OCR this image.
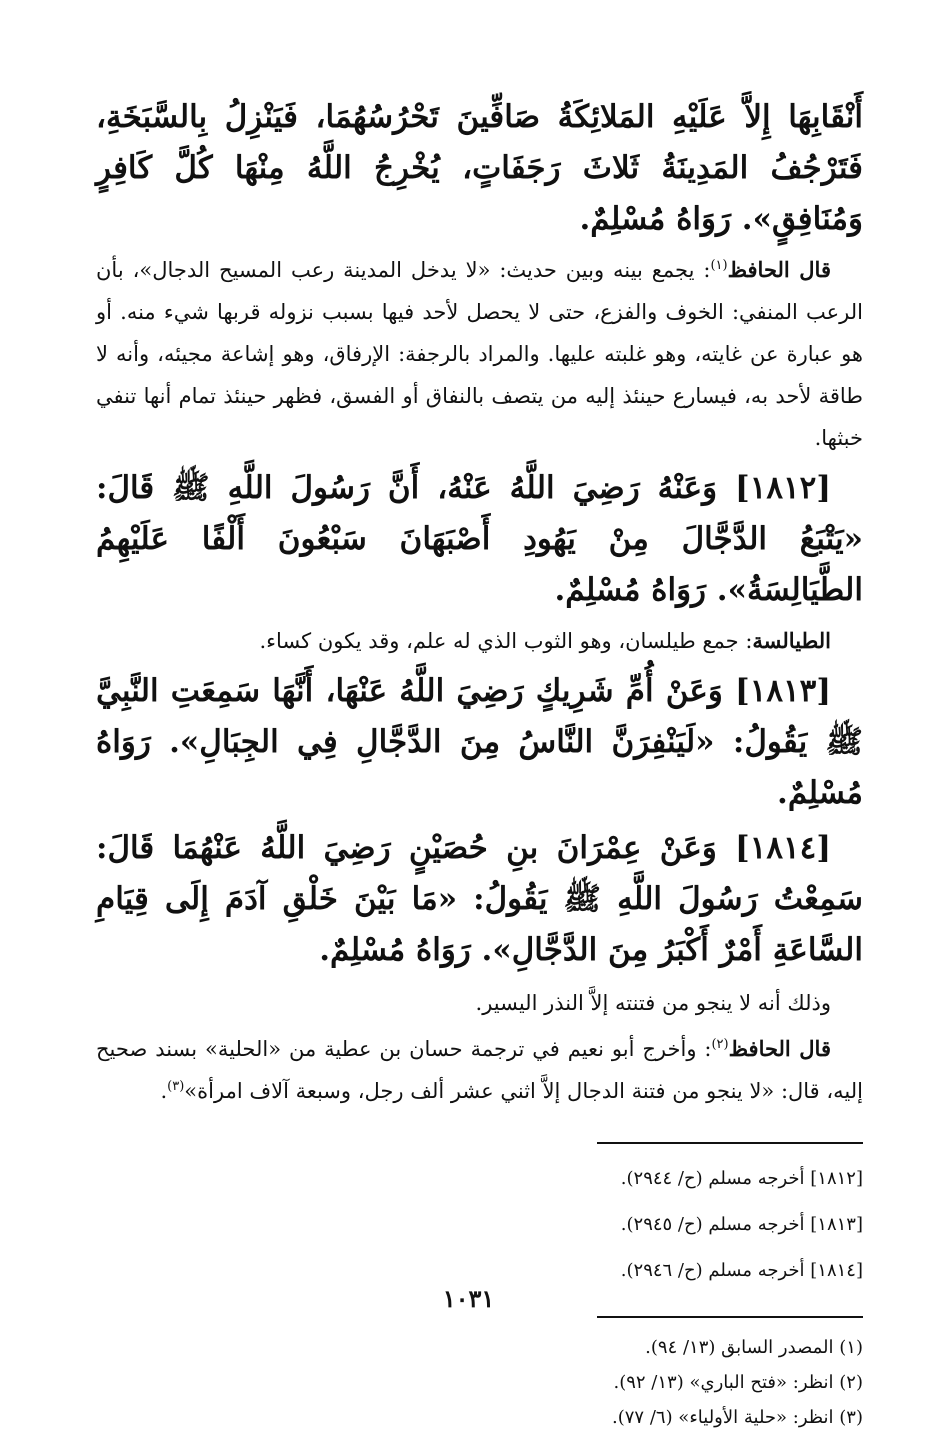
أَنْقَابِهَا إِلاَّ عَلَيْهِ المَلائِكَةُ صَافِّينَ تَحْرُسُهُمَا، فَيَنْزِلُ بِالسَّبَخَةِ، فَتَرْجُفُ المَدِينَةُ ثَلاثَ رَجَفَاتٍ، يُخْرِجُ اللَّهُ مِنْهَا كُلَّ كَافِرٍ وَمُنَافِقٍ». رَوَاهُ مُسْلِمٌ.

قال الحافظ$^{(١)}$: يجمع بينه وبين حديث: «لا يدخل المدينة رعب المسيح الدجال»، بأن الرعب المنفي: الخوف والفزع، حتى لا يحصل لأحد فيها بسبب نزوله قربها شيء منه. أو هو عبارة عن غايته، وهو غلبته عليها. والمراد بالرجفة: الإرفاق، وهو إشاعة مجيئه، وأنه لا طاقة لأحد به، فيسارع حينئذ إليه من يتصف بالنفاق أو الفسق، فظهر حينئذ تمام أنها تنفي خبثها.

[١٨١٢] وَعَنْهُ رَضِيَ اللَّهُ عَنْهُ، أَنَّ رَسُولَ اللَّهِ ﷺ قَالَ: «يَتْبَعُ الدَّجَّالَ مِنْ يَهُودِ أَصْبَهَانَ سَبْعُونَ أَلْفًا عَلَيْهِمُ الطَّيَالِسَةُ». رَوَاهُ مُسْلِمٌ.

الطيالسة: جمع طيلسان، وهو الثوب الذي له علم، وقد يكون كساء.

[١٨١٣] وَعَنْ أُمِّ شَرِيكٍ رَضِيَ اللَّهُ عَنْهَا، أَنَّهَا سَمِعَتِ النَّبِيَّ ﷺ يَقُولُ: «لَيَنْفِرَنَّ النَّاسُ مِنَ الدَّجَّالِ فِي الجِبَالِ». رَوَاهُ مُسْلِمٌ.

[١٨١٤] وَعَنْ عِمْرَانَ بنِ حُصَيْنٍ رَضِيَ اللَّهُ عَنْهُمَا قَالَ: سَمِعْتُ رَسُولَ اللَّهِ ﷺ يَقُولُ: «مَا بَيْنَ خَلْقِ آدَمَ إِلَى قِيَامِ السَّاعَةِ أَمْرٌ أَكْبَرُ مِنَ الدَّجَّالِ». رَوَاهُ مُسْلِمٌ.

وذلك أنه لا ينجو من فتنته إلاَّ النذر اليسير.

قال الحافظ$^{(٢)}$: وأخرج أبو نعيم في ترجمة حسان بن عطية من «الحلية» بسند صحيح إليه، قال: «لا ينجو من فتنة الدجال إلاَّ اثني عشر ألف رجل، وسبعة آلاف امرأة»$^{(٣)}$.

[١٨١٢] أخرجه مسلم (ح/ ٢٩٤٤).
[١٨١٣] أخرجه مسلم (ح/ ٢٩٤٥).
[١٨١٤] أخرجه مسلم (ح/ ٢٩٤٦).
(١) المصدر السابق (١٣/ ٩٤).
(٢) انظر: «فتح الباري» (١٣/ ٩٢).
(٣) انظر: «حلية الأولياء» (٦/ ٧٧).
١٠٣١
